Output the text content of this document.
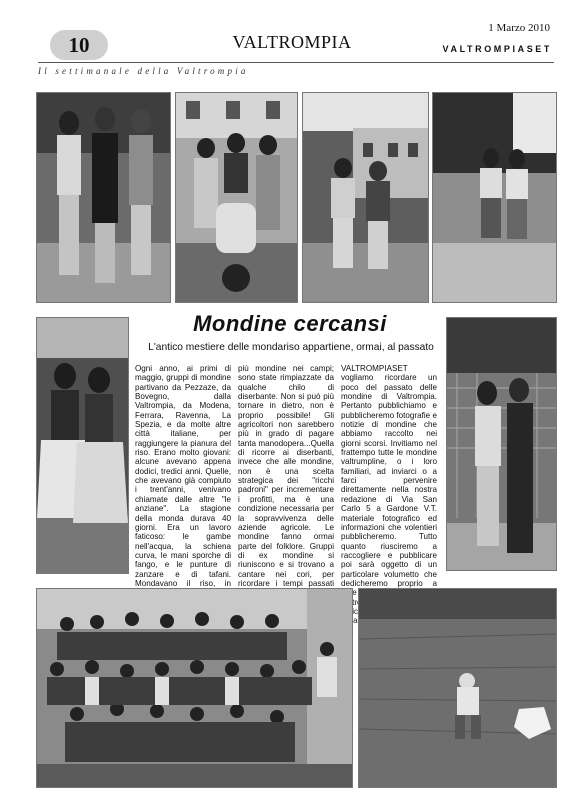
10	VALTROMPIA
1 Marzo 2010
VALTROMPIASET
Il settimanale della Valtrompia
Mondine cercansi
L'antico mestiere delle mondariso appartiene, ormai, al passato
Ogni anno, ai primi di maggio, gruppi di mondine partivano da Pezzaze, da Bovegno, dalla Valtrompia, da Modena, Ferrara, Ravenna, La Spezia, e da molte altre città italiane, per raggiungere la pianura del riso. Erano molto giovani: alcune avevano appena dodici, tredici anni. Quelle, che avevano già compiuto i trent'anni, venivano chiamate dalle altre "le anziane". La stagione della monda durava 40 giorni. Era un lavoro faticoso: le gambe nell'acqua, la schiena curva, le mani sporche di fango, e le punture di zanzare e di tafani. Mondavano il riso, in
più mondine nei campi; sono state rimpiazzate da qualche chilo di diserbante. Non si può più tornare in dietro, non è proprio possibile! Gli agricoltori non sarebbero più in grado di pagare tanta manodopera...Quella di ricorre ai diserbanti, invece che alle mondine, non è una scelta strategica dei "ricchi padroni" per incrementare i profitti, ma è una condizione necessaria per la sopravvivenza delle aziende agricole. Le mondine fanno ormai parte del folklore. Gruppi di ex mondine si riuniscono e si trovano a cantare nei cori, per ricordare i tempi passati
VALTROMPIASET vogliamo ricordare un poco del passato delle mondine di Valtrompia. Pertanto pubblichiamo e pubblicheremo fotografie e notizie di mondine che abbiamo raccolto nei giorni scorsi. Invitiamo nel frattempo tutte le mondine valtrumpline, o i loro familiari, ad inviarci o a farci pervenire direttamente nella nostra redazione di Via San Carlo 5 a Gardone V.T. materiale fotografico ed informazioni che volentieri pubblicheremo. Tutto quanto riusciremo a raccogliere e pubblicare poi sarà oggetto di un particolare volumetto che dedicheremo proprio a
